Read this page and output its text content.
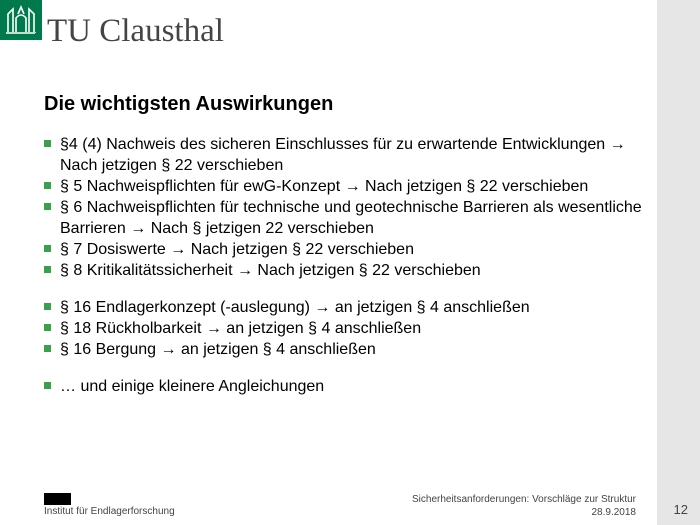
TU Clausthal
12
Die wichtigsten Auswirkungen
§4 (4) Nachweis des sicheren Einschlusses für zu erwartende Entwicklungen → Nach jetzigen § 22 verschieben
§ 5 Nachweispflichten für ewG-Konzept → Nach jetzigen § 22 verschieben
§ 6 Nachweispflichten für technische und geotechnische Barrieren als wesentliche Barrieren → Nach § jetzigen 22 verschieben
§ 7 Dosiswerte → Nach jetzigen § 22 verschieben
§ 8 Kritikalitätssicherheit → Nach jetzigen § 22 verschieben
§ 16 Endlagerkonzept (-auslegung) → an jetzigen § 4 anschließen
§ 18 Rückholbarkeit → an jetzigen § 4 anschließen
§ 16 Bergung → an jetzigen § 4 anschließen
… und einige kleinere Angleichungen
Institut für Endlagerforschung
Sicherheitsanforderungen: Vorschläge zur Struktur
28.9.2018
